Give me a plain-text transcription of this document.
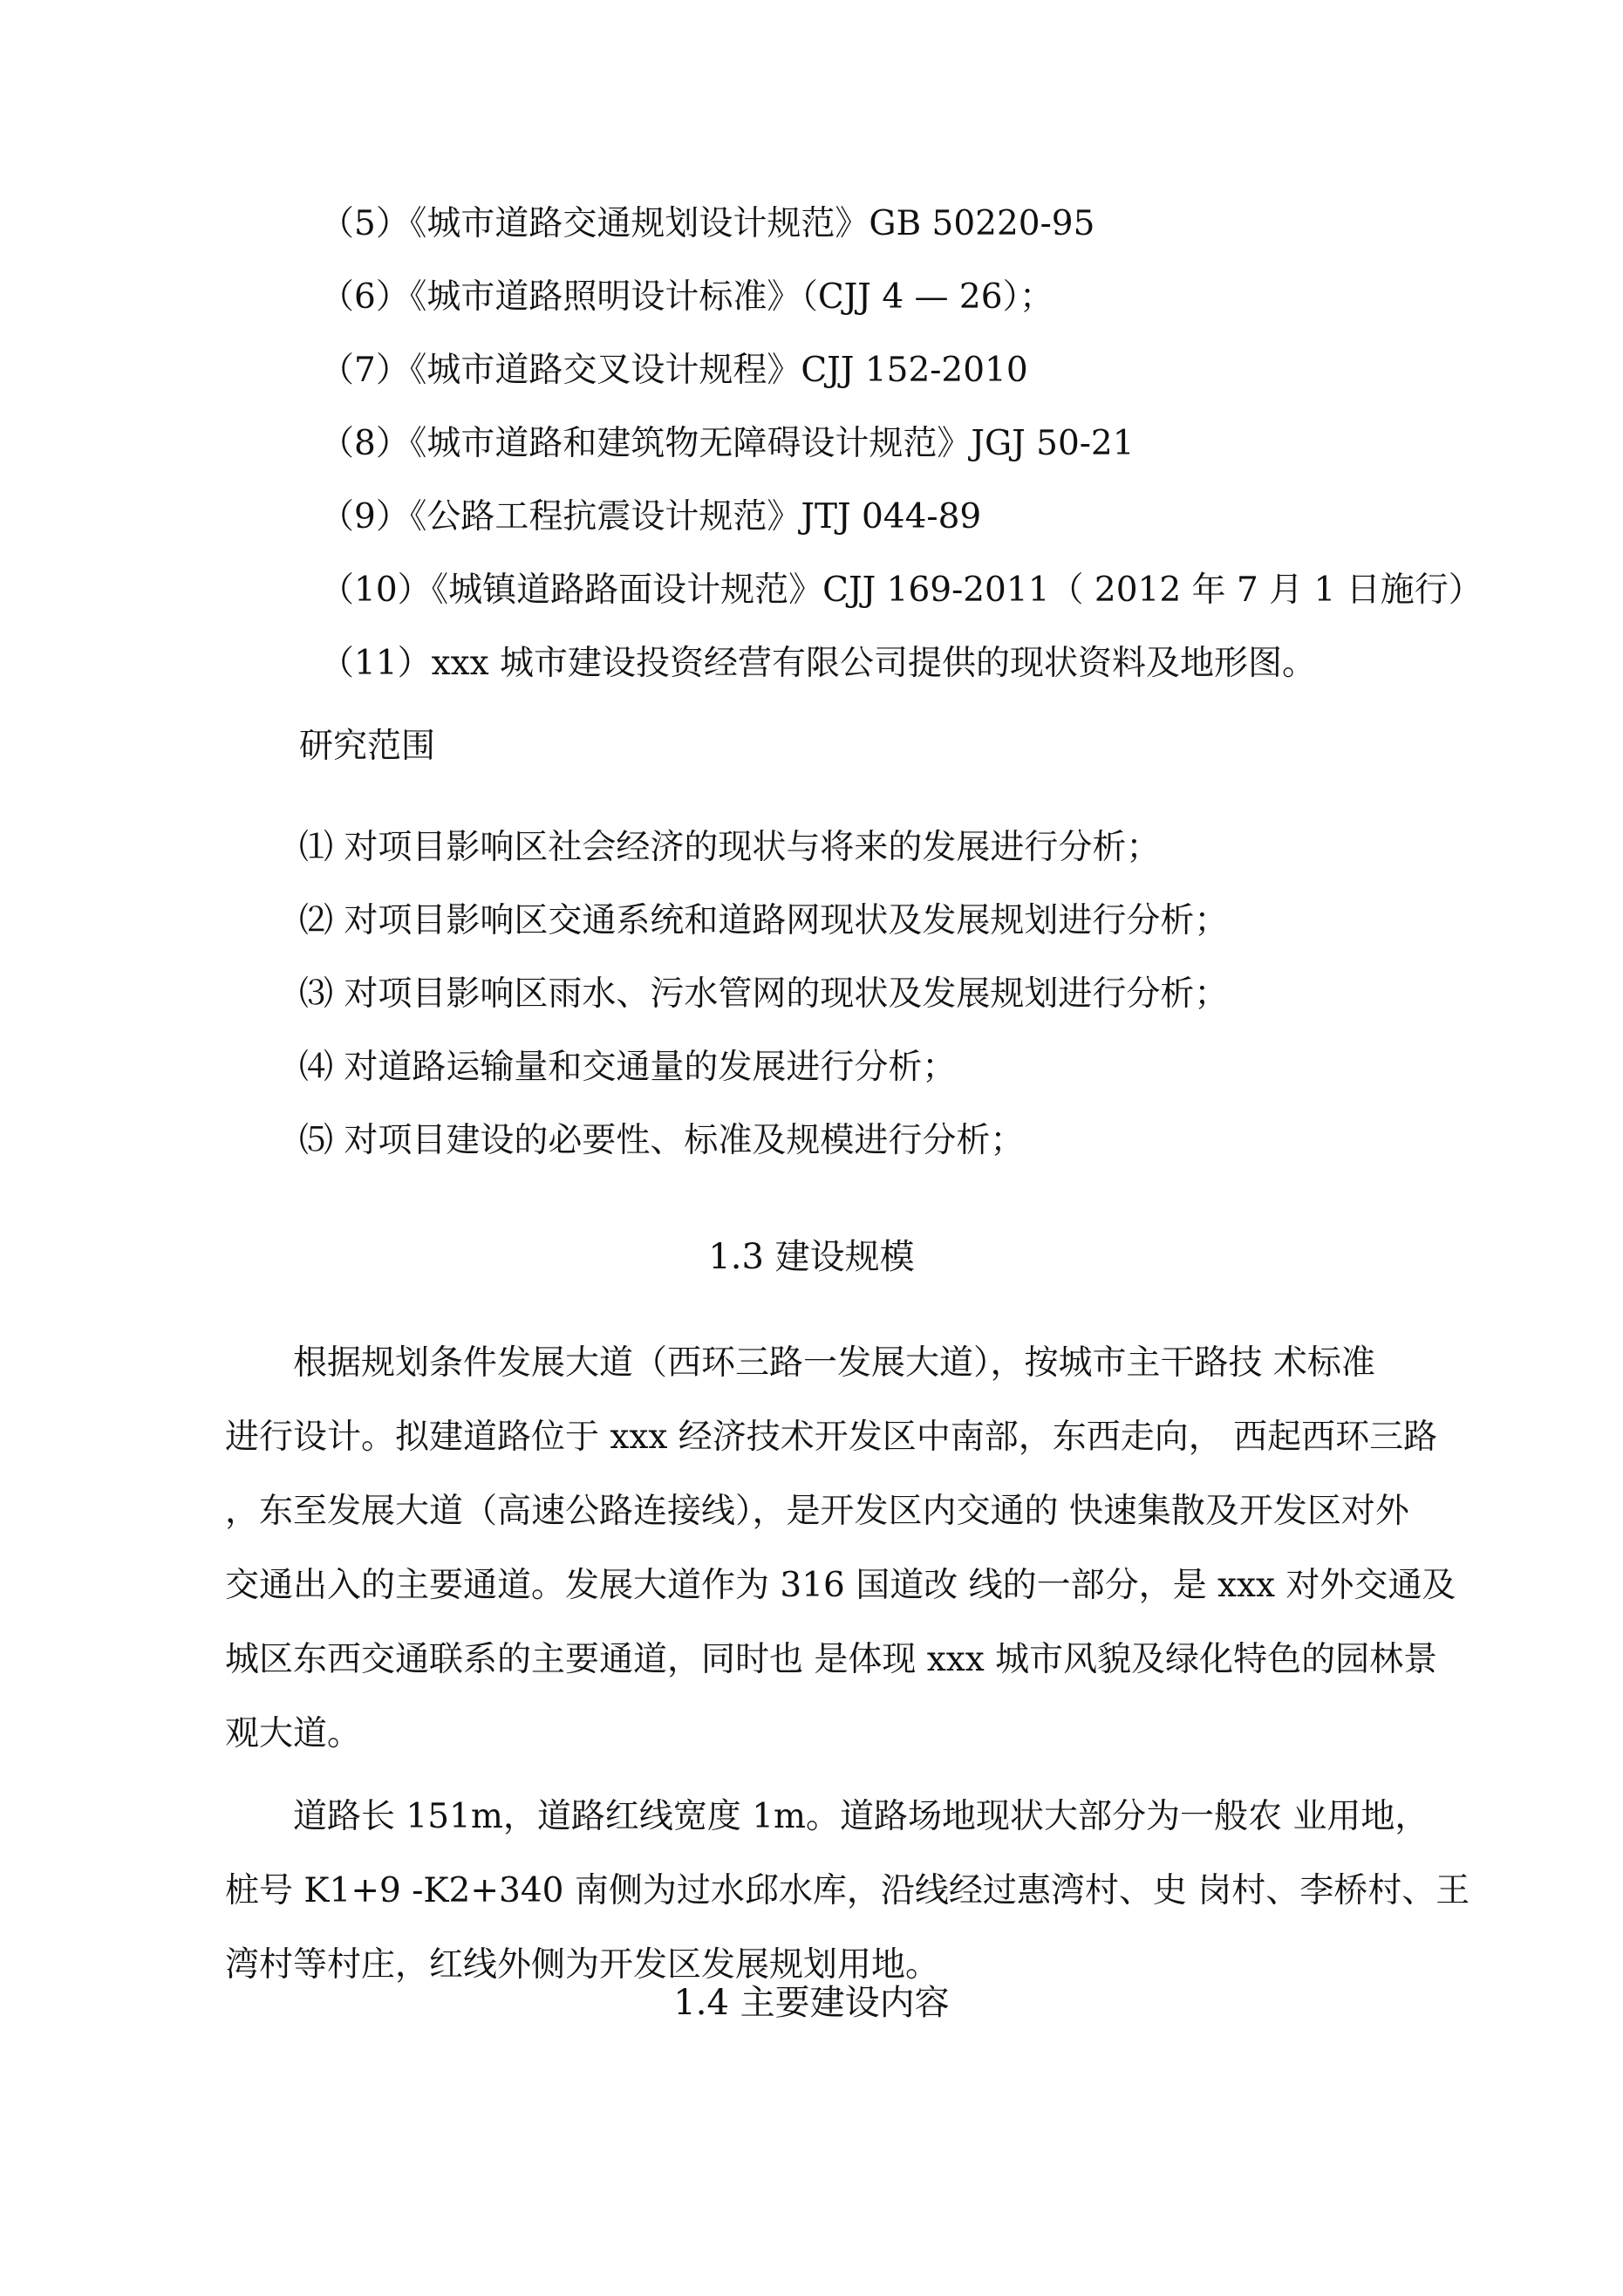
（5）《城市道路交通规划设计规范》GB 50220-95

（6）《城市道路照明设计标准》（CJJ 4 — 26）；

（7）《城市道路交叉设计规程》CJJ 152-2010

（8）《城市道路和建筑物无障碍设计规范》JGJ 50-21

（9）《公路工程抗震设计规范》JTJ 044-89

（10）《城镇道路路面设计规范》CJJ 169-2011（ 2012 年 7 月 1 日施行）

（11）xxx 城市建设投资经营有限公司提供的现状资料及地形图。

研究范围

⑴ 对项目影响区社会经济的现状与将来的发展进行分析；

⑵ 对项目影响区交通系统和道路网现状及发展规划进行分析；

⑶ 对项目影响区雨水、污水管网的现状及发展规划进行分析；

⑷ 对道路运输量和交通量的发展进行分析；

⑸ 对项目建设的必要性、标准及规模进行分析；

1.3 建设规模
　　根据规划条件发展大道（西环三路一发展大道），按城市主干路技 术标准
进行设计。拟建道路位于 xxx 经济技术开发区中南部，东西走向， 西起西环三路
，东至发展大道（高速公路连接线），是开发区内交通的 快速集散及开发区对外
交通出入的主要通道。发展大道作为 316 国道改 线的一部分，是 xxx 对外交通及
城区东西交通联系的主要通道，同时也 是体现 xxx 城市风貌及绿化特色的园林景
观大道。
　　道路长 151m，道路红线宽度 1m。道路场地现状大部分为一般农 业用地，
桩号 K1+9 -K2+340 南侧为过水邱水库，沿线经过惠湾村、史 岗村、李桥村、王
湾村等村庄，红线外侧为开发区发展规划用地。
1.4 主要建设内容
